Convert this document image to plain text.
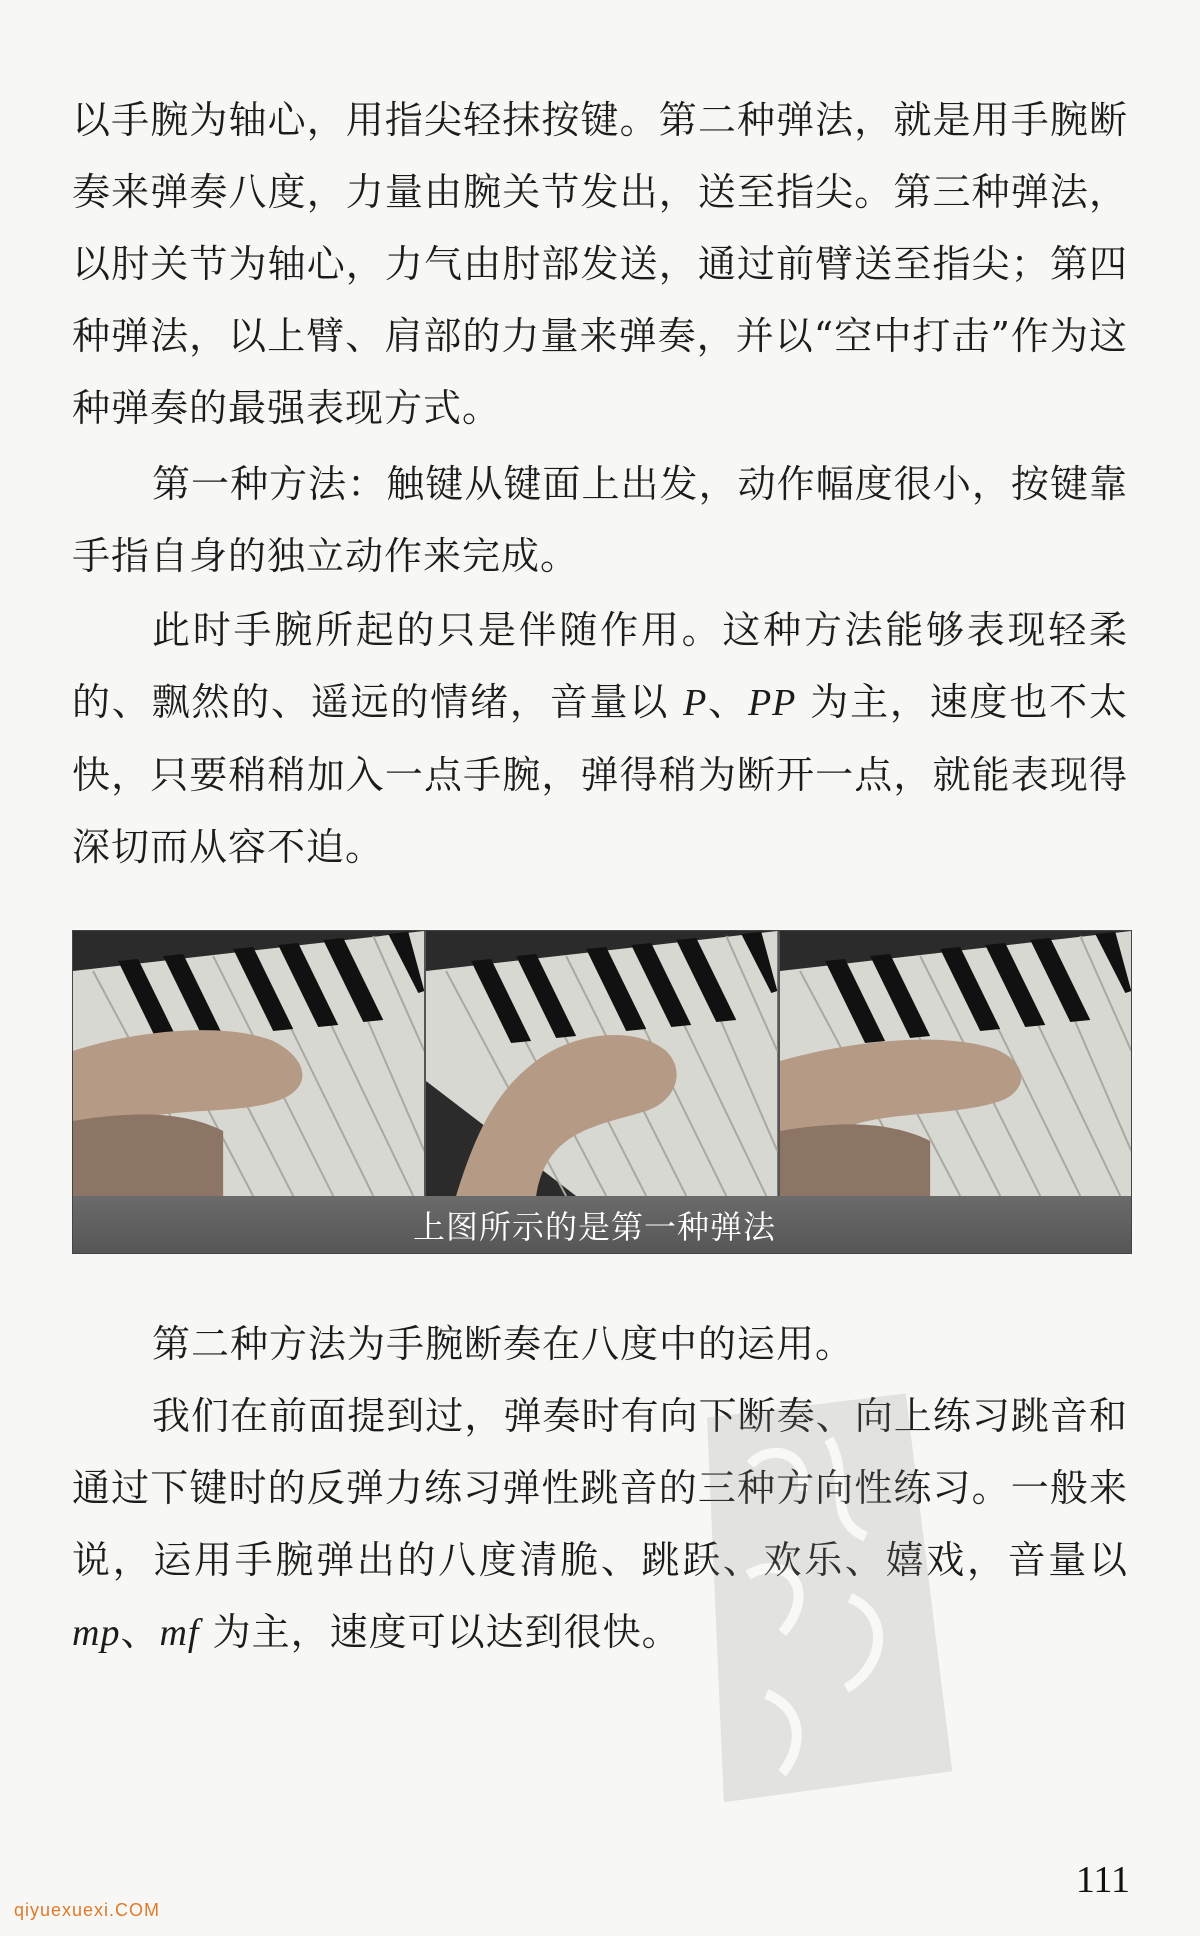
以手腕为轴心，用指尖轻抹按键。第二种弹法，就是用手腕断奏来弹奏八度，力量由腕关节发出，送至指尖。第三种弹法，以肘关节为轴心，力气由肘部发送，通过前臂送至指尖；第四种弹法，以上臂、肩部的力量来弹奏，并以“空中打击”作为这种弹奏的最强表现方式。

第一种方法：触键从键面上出发，动作幅度很小，按键靠手指自身的独立动作来完成。

此时手腕所起的只是伴随作用。这种方法能够表现轻柔的、飘然的、遥远的情绪，音量以 P、PP 为主，速度也不太快，只要稍稍加入一点手腕，弹得稍为断开一点，就能表现得深切而从容不迫。

上图所示的是第一种弹法

第二种方法为手腕断奏在八度中的运用。

我们在前面提到过，弹奏时有向下断奏、向上练习跳音和通过下键时的反弹力练习弹性跳音的三种方向性练习。一般来说，运用手腕弹出的八度清脆、跳跃、欢乐、嬉戏，音量以 mp、mf 为主，速度可以达到很快。

111
qiyuexuexi.COM
